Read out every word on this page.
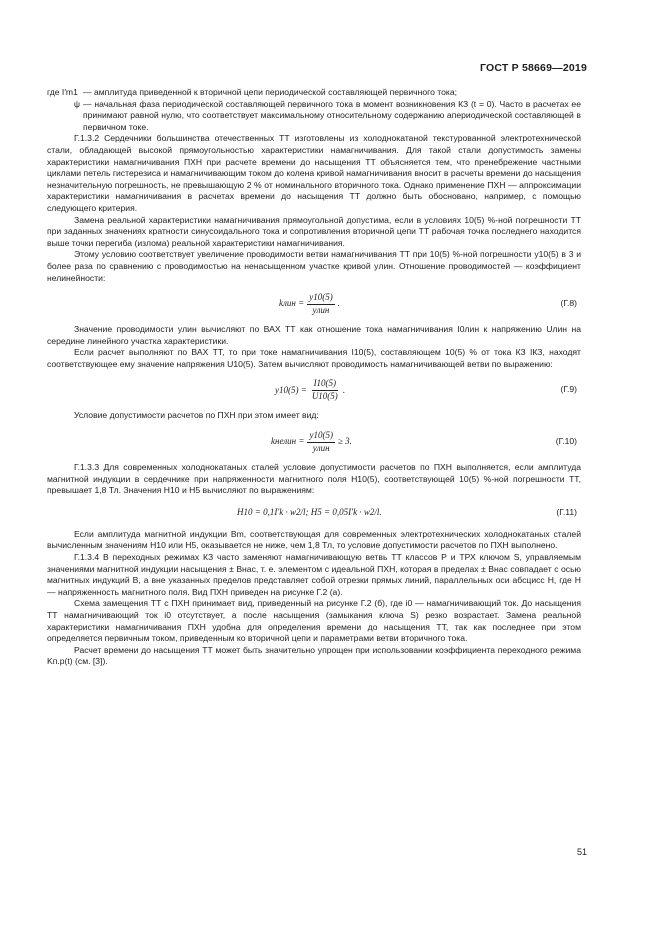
ГОСТ Р 58669—2019
где I′m1 — амплитуда приведенной к вторичной цепи периодической составляющей первичного тока;
ψ — начальная фаза периодической составляющей первичного тока в момент возникновения КЗ (t = 0). Часто в расчетах ее принимают равной нулю, что соответствует максимальному относительному содержанию апериодической составляющей в первичном токе.

Г.1.3.2 Сердечники большинства отечественных ТТ изготовлены из холоднокатаной текстурованной электротехнической стали, обладающей высокой прямоугольностью характеристики намагничивания. Для такой стали допустимость замены характеристики намагничивания ПХН при расчете времени до насыщения ТТ объясняется тем, что пренебрежение частными циклами петель гистерезиса и намагничивающим током до колена кривой намагничивания вносит в расчеты времени до насыщения незначительную погрешность, не превышающую 2 % от номинального вторичного тока. Однако применение ПХН — аппроксимации характеристики намагничивания в расчетах времени до насыщения ТТ должно быть обосновано, например, с помощью следующего критерия.

Замена реальной характеристики намагничивания прямоугольной допустима, если в условиях 10(5) %-ной погрешности ТТ при заданных значениях кратности синусоидального тока и сопротивления вторичной цепи ТТ рабочая точка последнего находится выше точки перегиба (излома) реальной характеристики намагничивания.

Этому условию соответствует увеличение проводимости ветви намагничивания ТТ при 10(5) %-ной погрешности y10(5) в 3 и более раза по сравнению с проводимостью на ненасыщенном участке кривой yлин. Отношение проводимостей — коэффициент нелинейности:

kлин = $\frac{y10(5)}{\text{yлин}}$ .	(Г.8)

Значение проводимости yлин вычисляют по ВАХ ТТ как отношение тока намагничивания I0лин к напряжению Uлин на середине линейного участка характеристики.

Если расчет выполняют по ВАХ ТТ, то при токе намагничивания I10(5), составляющем 10(5) % от тока КЗ IКЗ, находят соответствующее ему значение напряжения U10(5). Затем вычисляют проводимость намагничивающей ветви по выражению:

$y10(5) = \frac{I10(5)}{U10(5)}$ .	(Г.9)

Условие допустимости расчетов по ПХН при этом имеет вид:

kнелин = $\frac{y10(5)}{\text{yлин}} \ge 3$.	(Г.10)

Г.1.3.3 Для современных холоднокатаных сталей условие допустимости расчетов по ПХН выполняется, если амплитуда магнитной индукции в сердечнике при напряженности магнитного поля H10(5), соответствующей 10(5) %-ной погрешности ТТ, превышает 1,8 Тл. Значения H10 и H5 вычисляют по выражениям:

H10 = 0,1I′k · w2/l; H5 = 0,05I′k · w2/l.	(Г.11)

Если амплитуда магнитной индукции Bm, соответствующая для современных электротехнических холоднокатаных сталей вычисленным значениям H10 или H5, оказывается не ниже, чем 1,8 Тл, то условие допустимости расчетов по ПХН выполнено.

Г.1.3.4 В переходных режимах КЗ часто заменяют намагничивающую ветвь ТТ классов Р и ТРХ ключом S, управляемым значениями магнитной индукции насыщения ± Bнас, т. е. элементом с идеальной ПХН, которая в пределах ± Bнас совпадает с осью магнитных индукций B, а вне указанных пределов представляет собой отрезки прямых линий, параллельных оси абсцисс H, где H — напряженность магнитного поля. Вид ПХН приведен на рисунке Г.2 (а).

Схема замещения ТТ с ПХН принимает вид, приведенный на рисунке Г.2 (б), где i0 — намагничивающий ток. До насыщения ТТ намагничивающий ток i0 отсутствует, а после насыщения (замыкания ключа S) резко возрастает. Замена реальной характеристики намагничивания ПХН удобна для определения времени до насыщения ТТ, так как последнее при этом определяется первичным током, приведенным ко вторичной цепи и параметрами ветви вторичного тока.

Расчет времени до насыщения ТТ может быть значительно упрощен при использовании коэффициента переходного режима Kп.р(t) (см. [3]).

51
